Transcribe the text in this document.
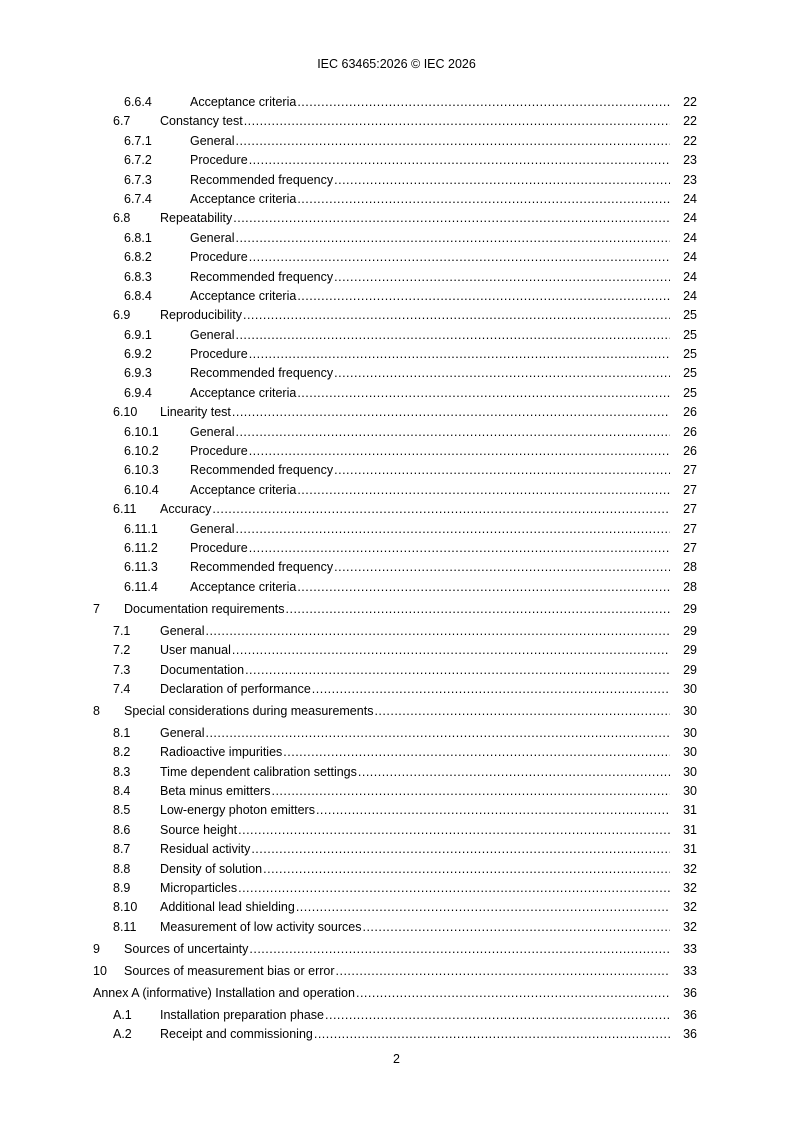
IEC 63465:2026 © IEC 2026

6.6.4	Acceptance criteria .....	22
6.7 Constancy test .....	22
6.7.1	General .....	22
6.7.2	Procedure .....	23
6.7.3	Recommended frequency .....	23
6.7.4	Acceptance criteria .....	24
6.8 Repeatability .....	24
6.8.1	General .....	24
6.8.2	Procedure .....	24
6.8.3	Recommended frequency .....	24
6.8.4	Acceptance criteria .....	24
6.9 Reproducibility .....	25
6.9.1	General .....	25
6.9.2	Procedure .....	25
6.9.3	Recommended frequency .....	25
6.9.4	Acceptance criteria .....	25
6.10 Linearity test .....	26
6.10.1 General .....	26
6.10.2 Procedure .....	26
6.10.3 Recommended frequency .....	27
6.10.4 Acceptance criteria .....	27
6.11 Accuracy .....	27
6.11.1	General .....	27
6.11.2	Procedure .....	27
6.11.3	Recommended frequency .....	28
6.11.4	Acceptance criteria .....	28
7 Documentation requirements .....	29
7.1 General .....	29
7.2 User manual .....	29
7.3 Documentation .....	29
7.4 Declaration of performance .....	30
8 Special considerations during measurements .....	30
8.1 General .....	30
8.2 Radioactive impurities .....	30
8.3 Time dependent calibration settings .....	30
8.4 Beta minus emitters .....	30
8.5 Low-energy photon emitters .....	31
8.6 Source height .....	31
8.7 Residual activity .....	31
8.8 Density of solution .....	32
8.9 Microparticles .....	32
8.10 Additional lead shielding .....	32
8.11 Measurement of low activity sources .....	32
9 Sources of uncertainty .....	33
10 Sources of measurement bias or error .....	33
Annex A (informative) Installation and operation .....	36
A.1 Installation preparation phase .....	36
A.2 Receipt and commissioning .....	36

2
